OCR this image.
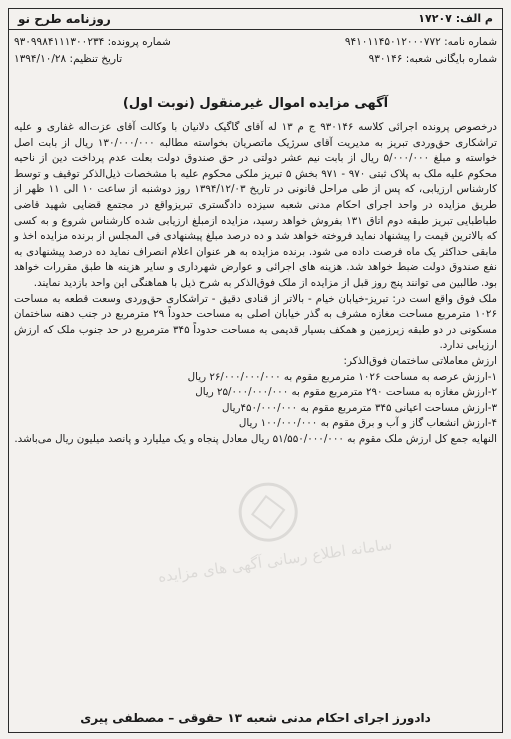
م الف: ۱۷۲۰۷
روزنامه طرح نو
شماره نامه: ۹۴۱۰۱۱۴۵۰۱۲۰۰۰۷۷۲
شماره پرونده: ۹۳۰۹۹۸۴۱۱۱۳۰۰۲۳۴
شماره بایگانی شعبه: ۹۳۰۱۴۶
تاریخ تنظیم: ۱۳۹۴/۱۰/۲۸
آگهی مزایده اموال غیرمنقول (نوبت اول)

درخصوص پرونده اجرائی کلاسه ۹۳۰۱۴۶ ج م ۱۳ له آقای گاگیک دلانیان با وکالت آقای عزت‌اله غفاری و علیه تراشکاری حق‌وردی تبریز به مدیریت آقای سرژیک ماتصریان بخواسته مطالبه ۱۳۰/۰۰۰/۰۰۰ ریال از بابت اصل خواسته و مبلغ ۵/۰۰۰/۰۰۰ ریال از بابت نیم عشر دولتی در حق صندوق دولت بعلت عدم پرداخت دین از ناحیه محکوم علیه ملک به پلاک ثبتی ۹۷۰ - ۹۷۱ بخش ۵ تبریز ملکی محکوم علیه با مشخصات ذیل‌الذکر توقیف و توسط کارشناس ارزیابی، که پس از طی مراحل قانونی در تاریخ ۱۳۹۴/۱۲/۰۳ روز دوشنبه از ساعت ۱۰ الی ۱۱ ظهر از طریق مزایده در واحد اجرای احکام مدنی شعبه سیزده دادگستری تبریزواقع در مجتمع قضایی شهید قاضی طباطبایی تبریز طبقه دوم اتاق ۱۳۱ بفروش خواهد رسید، مزایده ازمبلغ ارزیابی شده کارشناس شروع و به کسی که بالاترین قیمت را پیشنهاد نماید فروخته خواهد شد و ده درصد مبلغ پیشنهادی فی المجلس از برنده مزایده اخذ و مابقی حداکثر یک ماه فرصت داده می شود. برنده مزایده به هر عنوان اعلام انصراف نماید ده درصد پیشنهادی به نفع صندوق دولت ضبط خواهد شد. هزینه های اجرائی و عوارض شهرداری و سایر هزینه ها طبق مقررات خواهد بود. طالبین می توانند پنج روز قبل از مزایده از ملک فوق‌الذکر به شرح ذیل با هماهنگی این واحد بازدید نمایند.

ملک فوق واقع است در: تبریز-خیابان خیام - بالاتر از قنادی دقیق - تراشکاری حق‌وردی وسعت قطعه به مساحت ۱۰۲۶ مترمربع مساحت مغازه مشرف به گذر خیابان اصلی به مساحت حدوداً ۲۹ مترمربع در جنب دهنه ساختمان مسکونی در دو طبقه زیرزمین و همکف بسیار قدیمی به مساحت حدوداً ۳۴۵ مترمربع در حد جنوب ملک که ارزش ارزیابی ندارد.

ارزش معاملاتی ساختمان فوق‌الذکر:

۱-ارزش عرصه به مساحت ۱۰۲۶ مترمربع مقوم به ۲۶/۰۰۰/۰۰۰/۰۰۰ ریال
۲-ارزش مغازه به مساحت ۲۹۰ مترمربع مقوم به ۲۵/۰۰۰/۰۰۰/۰۰۰ ریال
۳-ارزش مساحت اعیانی ۳۴۵ مترمربع مقوم به ۴۵۰/۰۰۰/۰۰۰ریال
۴-ارزش انشعاب گاز و آب و برق مقوم به ۱۰۰/۰۰۰/۰۰۰ ریال

النهایه جمع کل ارزش ملک مقوم به ۵۱/۵۵۰/۰۰۰/۰۰۰ ریال معادل پنجاه و یک میلیارد و پانصد میلیون ریال می‌باشد.

سامانه اطلاع رسانی آگهی های مزایده
دادورز اجرای احکام مدنی شعبه ۱۳ حقوقی – مصطفی پیری
